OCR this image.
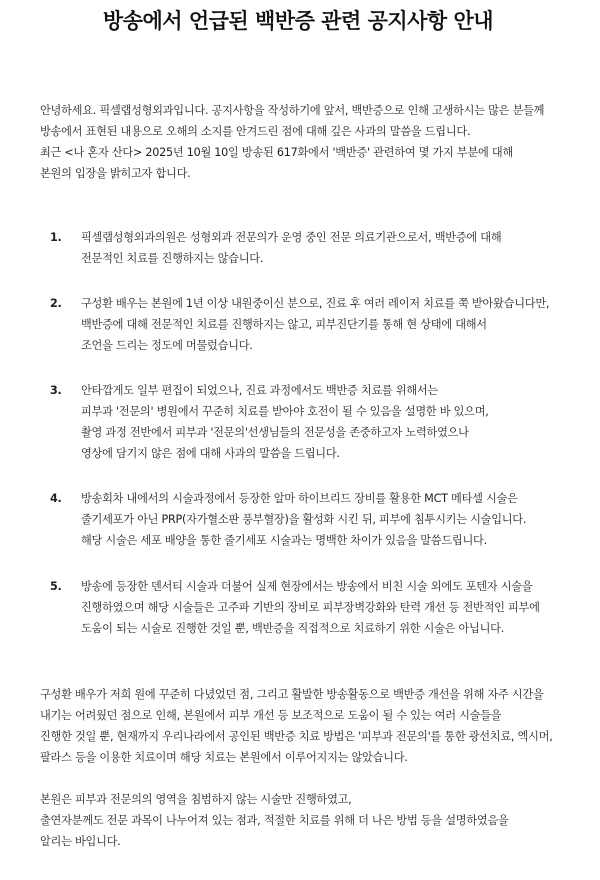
방송에서 언급된 백반증 관련 공지사항 안내

안녕하세요. 픽셀랩성형외과입니다. 공지사항을 작성하기에 앞서, 백반증으로 인해 고생하시는 많은 분들께

방송에서 표현된 내용으로 오해의 소지를 안겨드린 점에 대해 깊은 사과의 말씀을 드립니다.

최근 <나 혼자 산다> 2025년 10월 10일 방송된 617화에서 '백반증' 관련하여 몇 가지 부분에 대해

본원의 입장을 밝히고자 합니다.

1.	픽셀랩성형외과의원은 성형외과 전문의가 운영 중인 전문 의료기관으로서, 백반증에 대해

전문적인 치료를 진행하지는 않습니다.

2.	구성환 배우는 본원에 1년 이상 내원중이신 분으로, 진료 후 여러 레이저 치료를 쭉 받아왔습니다만,

백반증에 대해 전문적인 치료를 진행하지는 않고, 피부진단기를 통해 현 상태에 대해서

조언을 드리는 정도에 머물렀습니다.

3.	안타깝게도 일부 편집이 되었으나, 진료 과정에서도 백반증 치료를 위해서는

피부과 '전문의' 병원에서 꾸준히 치료를 받아야 호전이 될 수 있음을 설명한 바 있으며,

촬영 과정 전반에서 피부과 '전문의'선생님들의 전문성을 존중하고자 노력하였으나

영상에 담기지 않은 점에 대해 사과의 말씀을 드립니다.

4.	방송회차 내에서의 시술과정에서 등장한 알마 하이브리드 장비를 활용한 MCT 메타셀 시술은

줄기세포가 아닌 PRP(자가혈소판 풍부혈장)을 활성화 시킨 뒤, 피부에 침투시키는 시술입니다.

해당 시술은 세포 배양을 통한 줄기세포 시술과는 명백한 차이가 있음을 말씀드립니다.

5.	방송에 등장한 덴서티 시술과 더불어 실제 현장에서는 방송에서 비친 시술 외에도 포텐자 시술을

진행하였으며 해당 시술들은 고주파 기반의 장비로 피부장벽강화와 탄력 개선 등 전반적인 피부에

도움이 되는 시술로 진행한 것일 뿐, 백반증을 직접적으로 치료하기 위한 시술은 아닙니다.

구성환 배우가 저희 원에 꾸준히 다녔었던 점, 그리고 활발한 방송활동으로 백반증 개선을 위해 자주 시간을

내기는 어려웠던 점으로 인해, 본원에서 피부 개선 등 보조적으로 도움이 될 수 있는 여러 시술들을

진행한 것일 뿐, 현재까지 우리나라에서 공인된 백반증 치료 방법은 '피부과 전문의'를 통한 광선치료, 엑시머,

팔라스 등을 이용한 치료이며 해당 치료는 본원에서 이루어지지는 않았습니다.

본원은 피부과 전문의의 영역을 침범하지 않는 시술만 진행하였고,

출연자분께도 전문 과목이 나누어져 있는 점과, 적절한 치료를 위해 더 나은 방법 등을 설명하였음을

알리는 바입니다.
